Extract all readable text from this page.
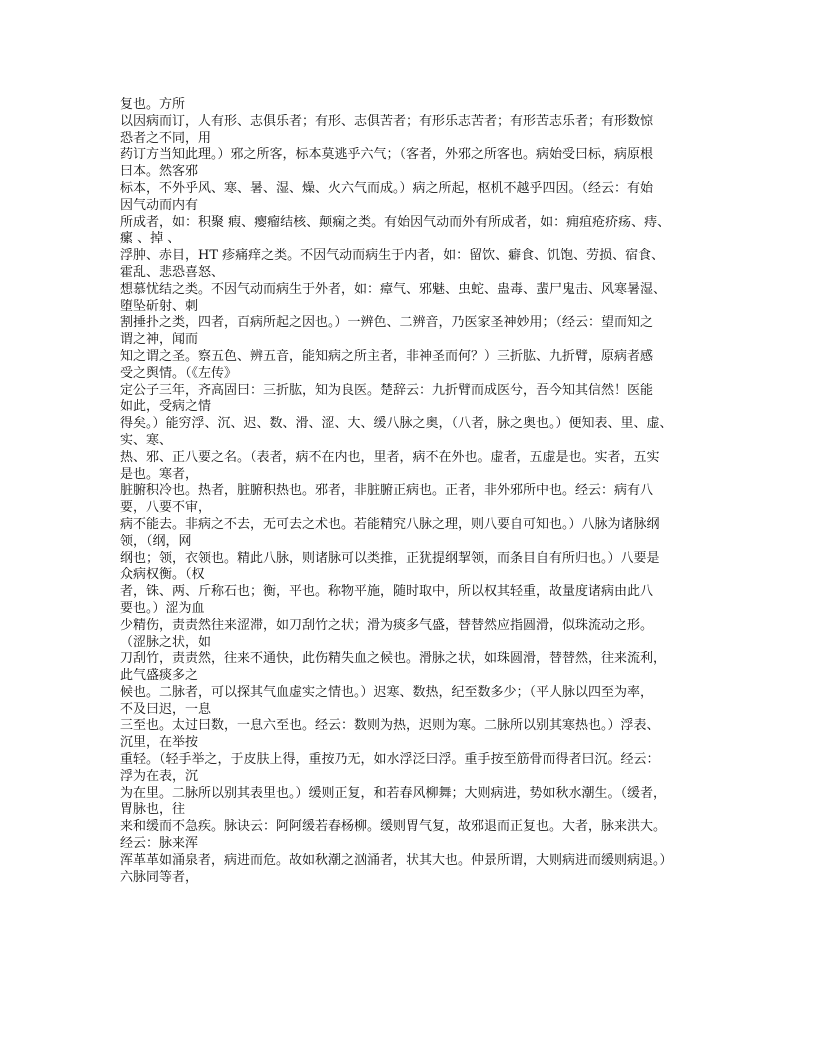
复也。方所

以因病而订，人有形、志俱乐者；有形、志俱苦者；有形乐志苦者；有形苦志乐者；有形数惊

恐者之不同，用

药订方当知此理。）邪之所客，标本莫逃乎六气；（客者，外邪之所客也。病始受曰标，病原根

曰本。然客邪

标本，不外乎风、寒、暑、湿、燥、火六气而成。）病之所起，枢机不越乎四因。（经云：有始

因气动而内有

所成者，如：积聚 瘕、瘿瘤结核、颠痫之类。有始因气动而外有所成者，如：痈疽疮疥疡、痔、

瘰 、掉 、

浮肿、赤目，HT 疹痛痒之类。不因气动而病生于内者，如：留饮、癖食、饥饱、劳损、宿食、

霍乱、悲恐喜怒、

想慕忧结之类。不因气动而病生于外者，如：瘴气、邪魅、虫蛇、蛊毒、蜚尸鬼击、风寒暑湿、

堕坠斫射、刺

割捶扑之类，四者，百病所起之因也。）一辨色、二辨音，乃医家圣神妙用；（经云：望而知之

谓之神，闻而

知之谓之圣。察五色、辨五音，能知病之所主者，非神圣而何？）三折肱、九折臂，原病者感

受之舆情。（《左传》

定公子三年，齐高固曰：三折肱，知为良医。楚辞云：九折臂而成医兮，吾今知其信然！医能

如此，受病之情

得矣。）能穷浮、沉、迟、数、滑、涩、大、缓八脉之奥，（八者，脉之奥也。）便知表、里、虚、

实、寒、

热、邪、正八要之名。（表者，病不在内也，里者，病不在外也。虚者，五虚是也。实者，五实

是也。寒者，

脏腑积冷也。热者，脏腑积热也。邪者，非脏腑正病也。正者，非外邪所中也。经云：病有八

要，八要不审，

病不能去。非病之不去，无可去之术也。若能精究八脉之理，则八要自可知也。）八脉为诸脉纲

领，（纲，网

纲也；领，衣领也。精此八脉，则诸脉可以类推，正犹提纲挈领，而条目自有所归也。）八要是

众病权衡。（权

者，铢、两、斤称石也；衡，平也。称物平施，随时取中，所以权其轻重，故量度诸病由此八

要也。）涩为血

少精伤，责责然往来涩滞，如刀刮竹之状；滑为痰多气盛，替替然应指圆滑，似珠流动之形。

（涩脉之状，如

刀刮竹，责责然，往来不通快，此伤精失血之候也。滑脉之状，如珠圆滑，替替然，往来流利，

此气盛痰多之

候也。二脉者，可以探其气血虚实之情也。）迟寒、数热，纪至数多少；（平人脉以四至为率，

不及曰迟，一息

三至也。太过曰数，一息六至也。经云：数则为热，迟则为寒。二脉所以别其寒热也。）浮表、

沉里，在举按

重轻。（轻手举之，于皮肤上得，重按乃无，如水浮泛曰浮。重手按至筋骨而得者曰沉。经云：

浮为在表，沉

为在里。二脉所以别其表里也。）缓则正复，和若春风柳舞；大则病进，势如秋水潮生。（缓者，

胃脉也，往

来和缓而不急疾。脉诀云：阿阿缓若春杨柳。缓则胃气复，故邪退而正复也。大者，脉来洪大。

经云：脉来浑

浑革革如涌泉者，病进而危。故如秋潮之汹涌者，状其大也。仲景所谓，大则病进而缓则病退。）

六脉同等者，
